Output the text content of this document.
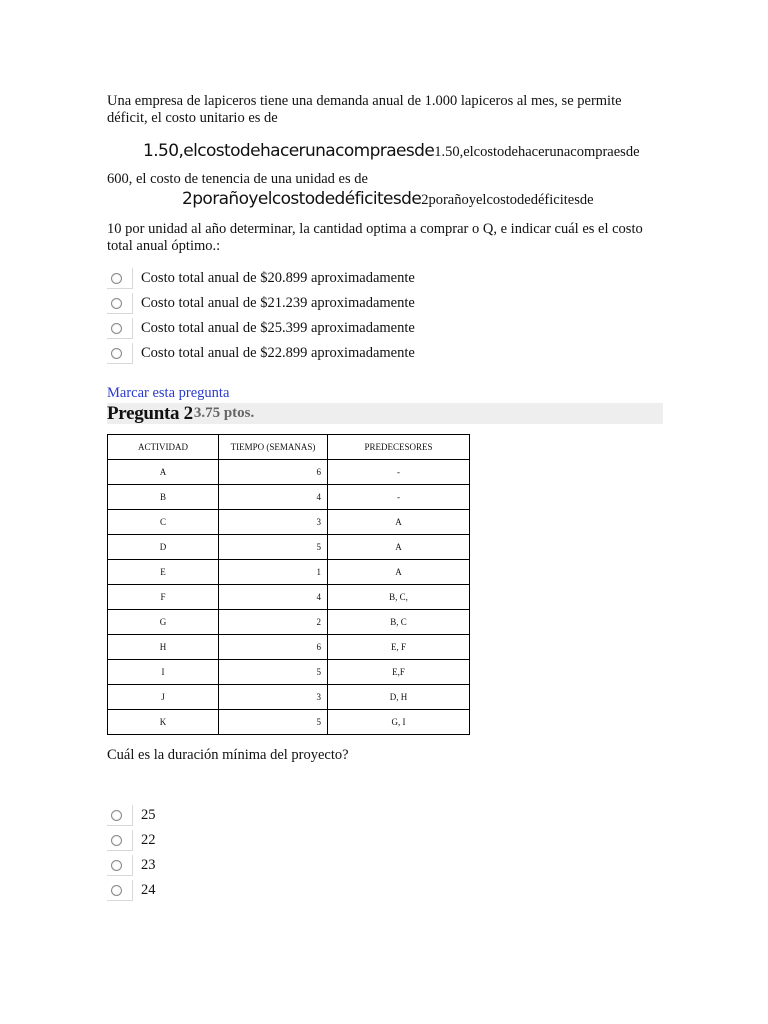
Una empresa de lapiceros tiene una demanda anual de 1.000 lapiceros al mes, se permite déficit, el costo unitario es de

1.50,elcostodehacerunacompraesde1.50,elcostodehacerunacompraesde

600, el costo de tenencia de una unidad es de

2porañoyelcostodedéficitesde2porañoyelcostodedéficitesde

10 por unidad al año determinar, la cantidad optima a comprar o Q, e indicar cuál es el costo total anual óptimo.:

Costo total anual de $20.899 aproximadamente
Costo total anual de $21.239 aproximadamente
Costo total anual de $25.399 aproximadamente
Costo total anual de $22.899 aproximadamente
Marcar esta pregunta
Pregunta 2 3.75 ptos.
ACTIVIDAD	TIEMPO (SEMANAS)	PREDECESORES
A	6	-
B	4	-
C	3	A
D	5	A
E	1	A
F	4	B, C,
G	2	B, C
H	6	E, F
I	5	E,F
J	3	D, H
K	5	G, I

Cuál es la duración mínima del proyecto?

25
22
23
24
